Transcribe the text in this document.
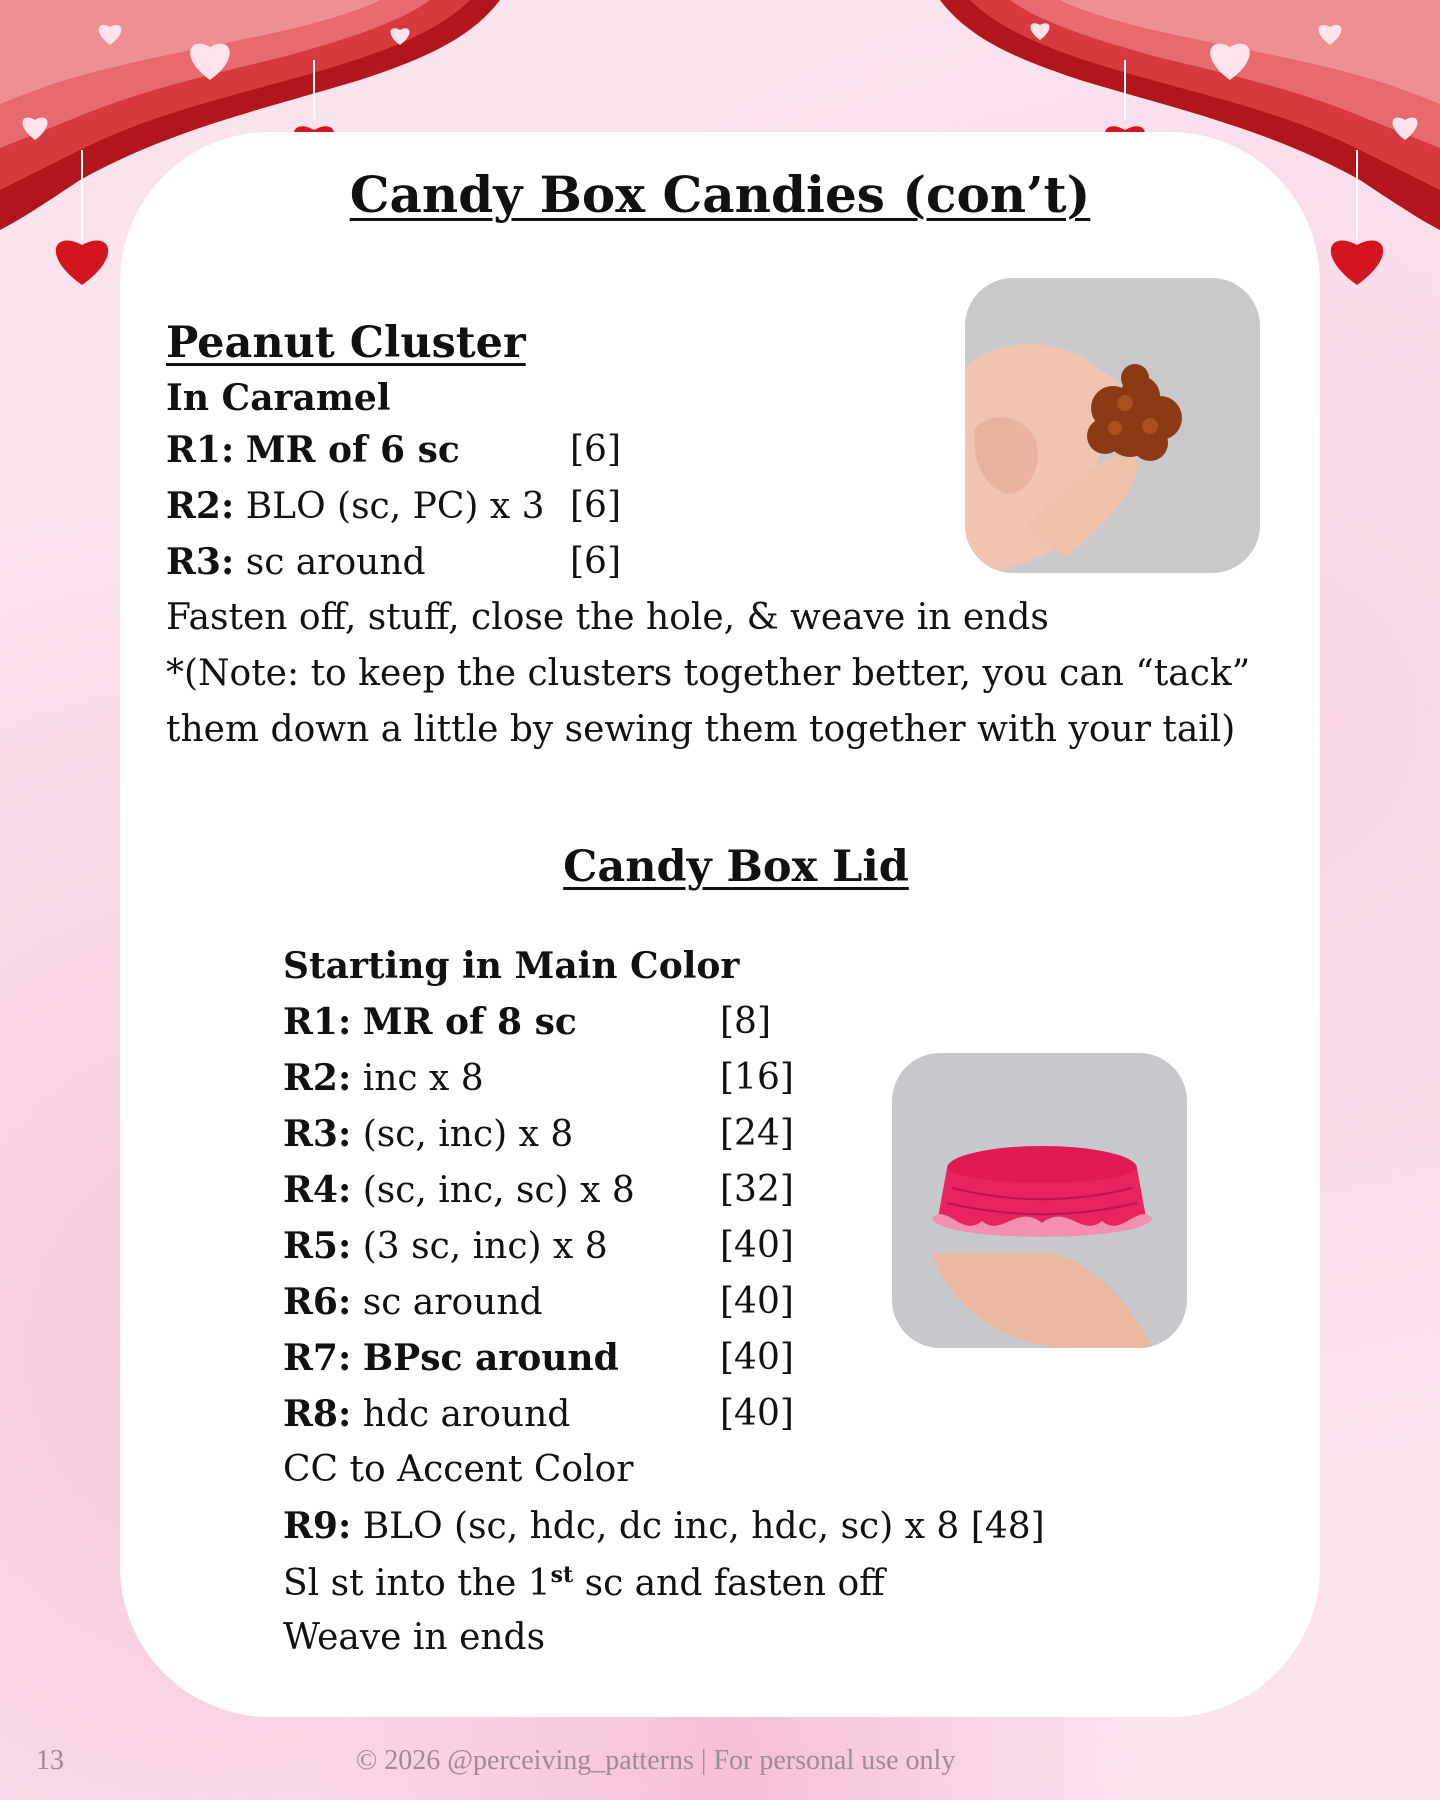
Candy Box Candies (con’t)
Peanut Cluster
In Caramel
R1: MR of 6 sc	[6]
R2: BLO (sc, PC) x 3 [6]
R3: sc around	[6]
Fasten off, stuff, close the hole, & weave in ends
*(Note: to keep the clusters together better, you can “tack”
them down a little by sewing them together with your tail)
Candy Box Lid
Starting in Main Color
R1: MR of 8 sc	[8]
R2: inc x 8	[16]
R3: (sc, inc) x 8	[24]
R4: (sc, inc, sc) x 8 [32]
R5: (3 sc, inc) x 8	[40]
R6: sc around	[40]
R7: BPsc around	[40]
R8: hdc around	[40]
CC to Accent Color
R9: BLO (sc, hdc, dc inc, hdc, sc) x 8 [48]
Sl st into the 1st sc and fasten off
Weave in ends
13	© 2026 @perceiving_patterns | For personal use only
